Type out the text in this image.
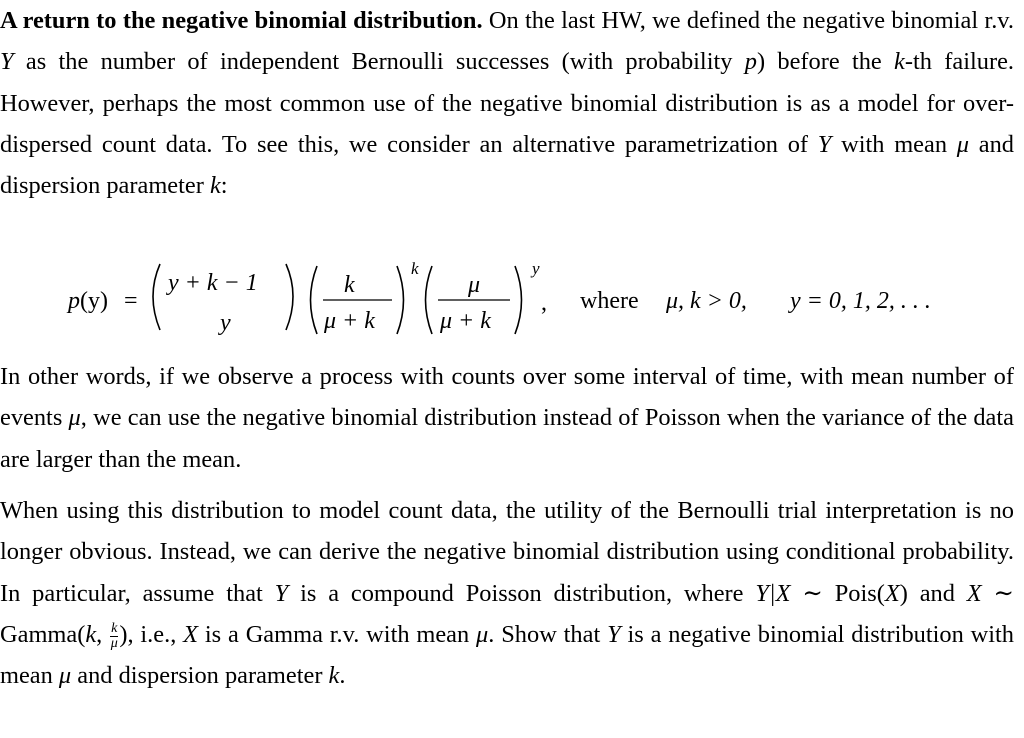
A return to the negative binomial distribution. On the last HW, we defined the negative binomial r.v. Y as the number of independent Bernoulli successes (with probability p) before the k-th failure. However, perhaps the most common use of the negative binomial distribution is as a model for over-dispersed count data. To see this, we consider an alternative parametrization of Y with mean μ and dispersion parameter k:

p (y) =
y + k − 1
y
k
μ + k
k
μ
μ + k
y
, where μ, k > 0, y = 0, 1, 2, . . .

In other words, if we observe a process with counts over some interval of time, with mean number of events μ, we can use the negative binomial distribution instead of Poisson when the variance of the data are larger than the mean.

When using this distribution to model count data, the utility of the Bernoulli trial interpretation is no longer obvious. Instead, we can derive the negative binomial distribution using conditional probability. In particular, assume that Y is a compound Poisson distribution, where Y|X ∼ Pois(X) and X ∼ Gamma(k, $\frac{k}{\mu}$ ), i.e., X is a Gamma r.v. with mean μ. Show that Y is a negative binomial distribution with mean μ and dispersion parameter k.
